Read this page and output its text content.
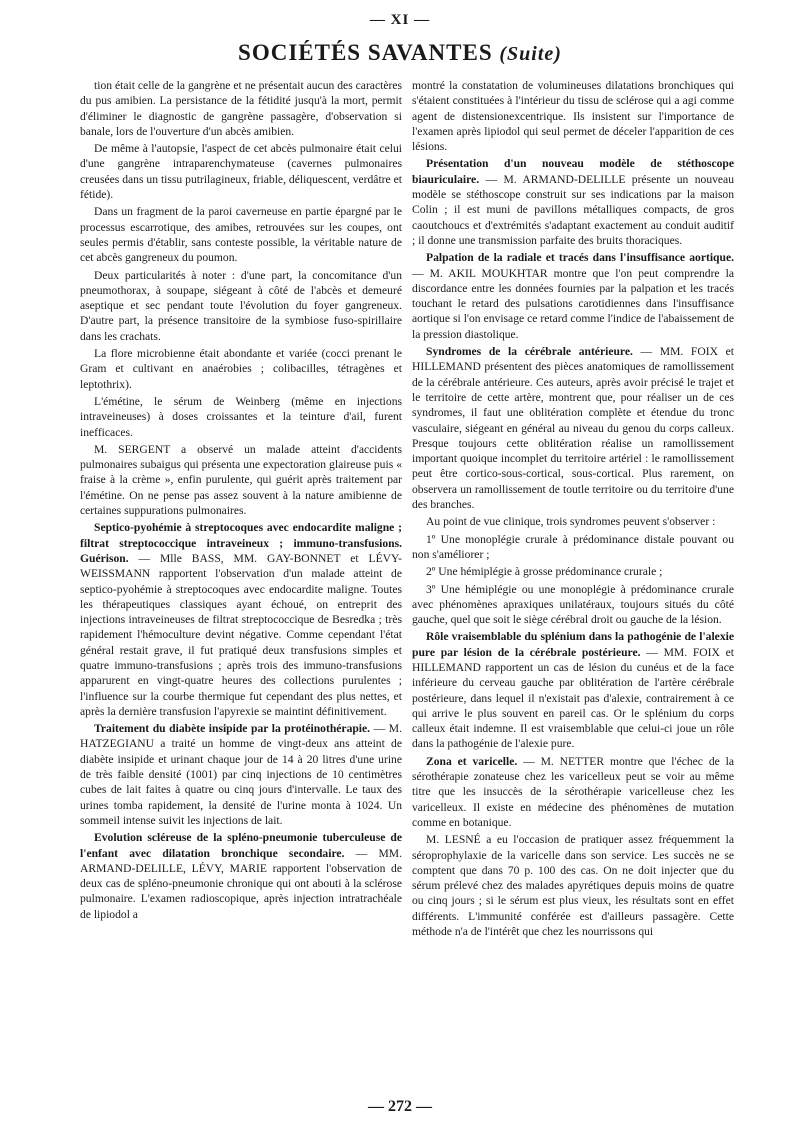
— XI —
SOCIÉTÉS SAVANTES (Suite)

tion était celle de la gangrène et ne présentait aucun des caractères du pus amibien. La persistance de la fétidité jusqu'à la mort, permit d'éliminer le diagnostic de gangrène passagère, d'observation si banale, lors de l'ouverture d'un abcès amibien.

De même à l'autopsie, l'aspect de cet abcès pulmonaire était celui d'une gangrène intraparenchymateuse (cavernes pulmonaires creusées dans un tissu putrilagineux, friable, déliquescent, verdâtre et fétide).

Dans un fragment de la paroi caverneuse en partie épargné par le processus escarrotique, des amibes, retrouvées sur les coupes, ont seules permis d'établir, sans conteste possible, la véritable nature de cet abcès gangreneux du poumon.

Deux particularités à noter : d'une part, la concomitance d'un pneumothorax, à soupape, siégeant à côté de l'abcès et demeuré aseptique et sec pendant toute l'évolution du foyer gangreneux. D'autre part, la présence transitoire de la symbiose fuso-spirillaire dans les crachats.

La flore microbienne était abondante et variée (cocci prenant le Gram et cultivant en anaérobies ; colibacilles, tétragènes et leptothrix).

L'émétine, le sérum de Weinberg (même en injections intraveineuses) à doses croissantes et la teinture d'ail, furent inefficaces.

M. SERGENT a observé un malade atteint d'accidents pulmonaires subaigus qui présenta une expectoration glaireuse puis « fraise à la crème », enfin purulente, qui guérit après traitement par l'émétine. On ne pense pas assez souvent à la nature amibienne de certaines suppurations pulmonaires.

Septico-pyohémie à streptocoques avec endocardite maligne ; filtrat streptococcique intraveineux ; immuno-transfusions. Guérison. — Mlle BASS, MM. GAY-BONNET et LÉVY-WEISSMANN rapportent l'observation d'un malade atteint de septico-pyohémie à streptocoques avec endocardite maligne. Toutes les thérapeutiques classiques ayant échoué, on entreprit des injections intraveineuses de filtrat streptococcique de Besredka ; très rapidement l'hémoculture devint négative. Comme cependant l'état général restait grave, il fut pratiqué deux transfusions simples et quatre immuno-transfusions ; après trois des immuno-transfusions apparurent en vingt-quatre heures des collections purulentes ; l'influence sur la courbe thermique fut cependant des plus nettes, et après la dernière transfusion l'apyrexie se maintint définitivement.

Traitement du diabète insipide par la protéinothérapie. — M. HATZEGIANU a traité un homme de vingt-deux ans atteint de diabète insipide et urinant chaque jour de 14 à 20 litres d'une urine de très faible densité (1001) par cinq injections de 10 centimètres cubes de lait faites à quatre ou cinq jours d'intervalle. Le taux des urines tomba rapidement, la densité de l'urine monta à 1024. Un sommeil intense suivit les injections de lait.

Evolution scléreuse de la spléno-pneumonie tuberculeuse de l'enfant avec dilatation bronchique secondaire. — MM. ARMAND-DELILLE, LÉVY, MARIE rapportent l'observation de deux cas de spléno-pneumonie chronique qui ont abouti à la sclérose pulmonaire. L'examen radioscopique, après injection intratrachéale de lipiodol a

montré la constatation de volumineuses dilatations bronchiques qui s'étaient constituées à l'intérieur du tissu de sclérose qui a agi comme agent de distensionexcentrique. Ils insistent sur l'importance de l'examen après lipiodol qui seul permet de déceler l'apparition de ces lésions.

Présentation d'un nouveau modèle de stéthoscope biauriculaire. — M. ARMAND-DELILLE présente un nouveau modèle se stéthoscope construit sur ses indications par la maison Colin ; il est muni de pavillons métalliques compacts, de gros caoutchoucs et d'extrémités s'adaptant exactement au conduit auditif ; il donne une transmission parfaite des bruits thoraciques.

Palpation de la radiale et tracés dans l'insuffisance aortique. — M. AKIL MOUKHTAR montre que l'on peut comprendre la discordance entre les données fournies par la palpation et les tracés touchant le retard des pulsations carotidiennes dans l'insuffisance aortique si l'on envisage ce retard comme l'indice de l'abaissement de la pression diastolique.

Syndromes de la cérébrale antérieure. — MM. FOIX et HILLEMAND présentent des pièces anatomiques de ramollissement de la cérébrale antérieure. Ces auteurs, après avoir précisé le trajet et le territoire de cette artère, montrent que, pour réaliser un de ces syndromes, il faut une oblitération complète et étendue du tronc vasculaire, siégeant en général au niveau du genou du corps calleux. Presque toujours cette oblitération réalise un ramollissement important quoique incomplet du territoire artériel : le ramollissement peut être cortico-sous-cortical, sous-cortical. Plus rarement, on observera un ramollissement de toutle territoire ou du territoire d'une des branches.

Au point de vue clinique, trois syndromes peuvent s'observer :

1º Une monoplégie crurale à prédominance distale pouvant ou non s'améliorer ;

2º Une hémiplégie à grosse prédominance crurale ;

3º Une hémiplégie ou une monoplégie à prédominance crurale avec phénomènes apraxiques unilatéraux, toujours situés du côté gauche, quel que soit le siège cérébral droit ou gauche de la lésion.

Rôle vraisemblable du splénium dans la pathogénie de l'alexie pure par lésion de la cérébrale postérieure. — MM. FOIX et HILLEMAND rapportent un cas de lésion du cunéus et de la face inférieure du cerveau gauche par oblitération de l'artère cérébrale postérieure, dans lequel il n'existait pas d'alexie, contrairement à ce qui arrive le plus souvent en pareil cas. Or le splénium du corps calleux était indemne. Il est vraisemblable que celui-ci joue un rôle dans la pathogénie de l'alexie pure.

Zona et varicelle. — M. NETTER montre que l'échec de la sérothérapie zonateuse chez les varicelleux peut se voir au même titre que les insuccès de la sérothérapie varicelleuse chez les varicelleux. Il existe en médecine des phénomènes de mutation comme en botanique.

M. LESNÉ a eu l'occasion de pratiquer assez fréquemment la séroprophylaxie de la varicelle dans son service. Les succès ne se comptent que dans 70 p. 100 des cas. On ne doit injecter que du sérum prélevé chez des malades apyrétiques depuis moins de quatre ou cinq jours ; si le sérum est plus vieux, les résultats sont en effet différents. L'immunité conférée est d'ailleurs passagère. Cette méthode n'a de l'intérêt que chez les nourrissons qui

— 272 —
